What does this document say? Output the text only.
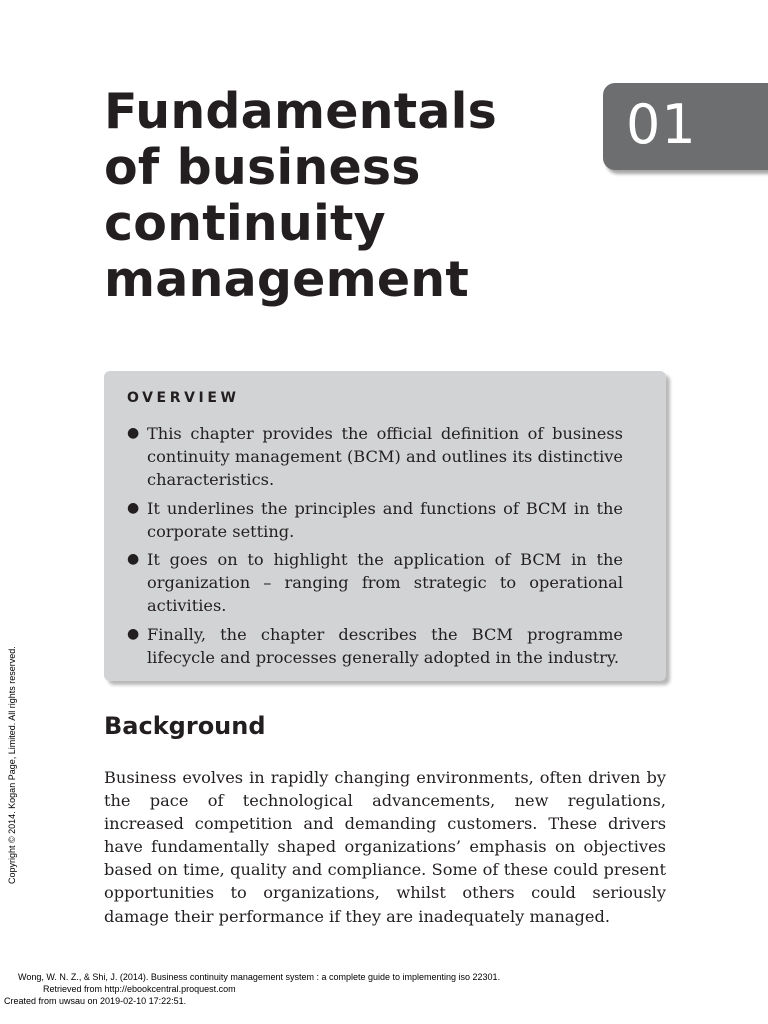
Fundamentals
of business
continuity
management
01
OVERVIEW
● This chapter provides the official definition of business continuity management (BCM) and outlines its distinctive characteristics.
● It underlines the principles and functions of BCM in the corporate setting.
● It goes on to highlight the application of BCM in the organization – ranging from strategic to operational activities.
● Finally, the chapter describes the BCM programme lifecycle and processes generally adopted in the industry.
Background

Business evolves in rapidly changing environments, often driven by the pace of technological advancements, new regulations, increased competition and demanding customers. These drivers have fundamentally shaped organizations’ emphasis on objectives based on time, quality and compliance. Some of these could present opportunities to organizations, whilst others could seriously damage their performance if they are inadequately managed.

Copyright © 2014. Kogan Page, Limited. All rights reserved.
Wong, W. N. Z., & Shi, J. (2014). Business continuity management system : a complete guide to implementing iso 22301.
Retrieved from http://ebookcentral.proquest.com
Created from uwsau on 2019-02-10 17:22:51.
